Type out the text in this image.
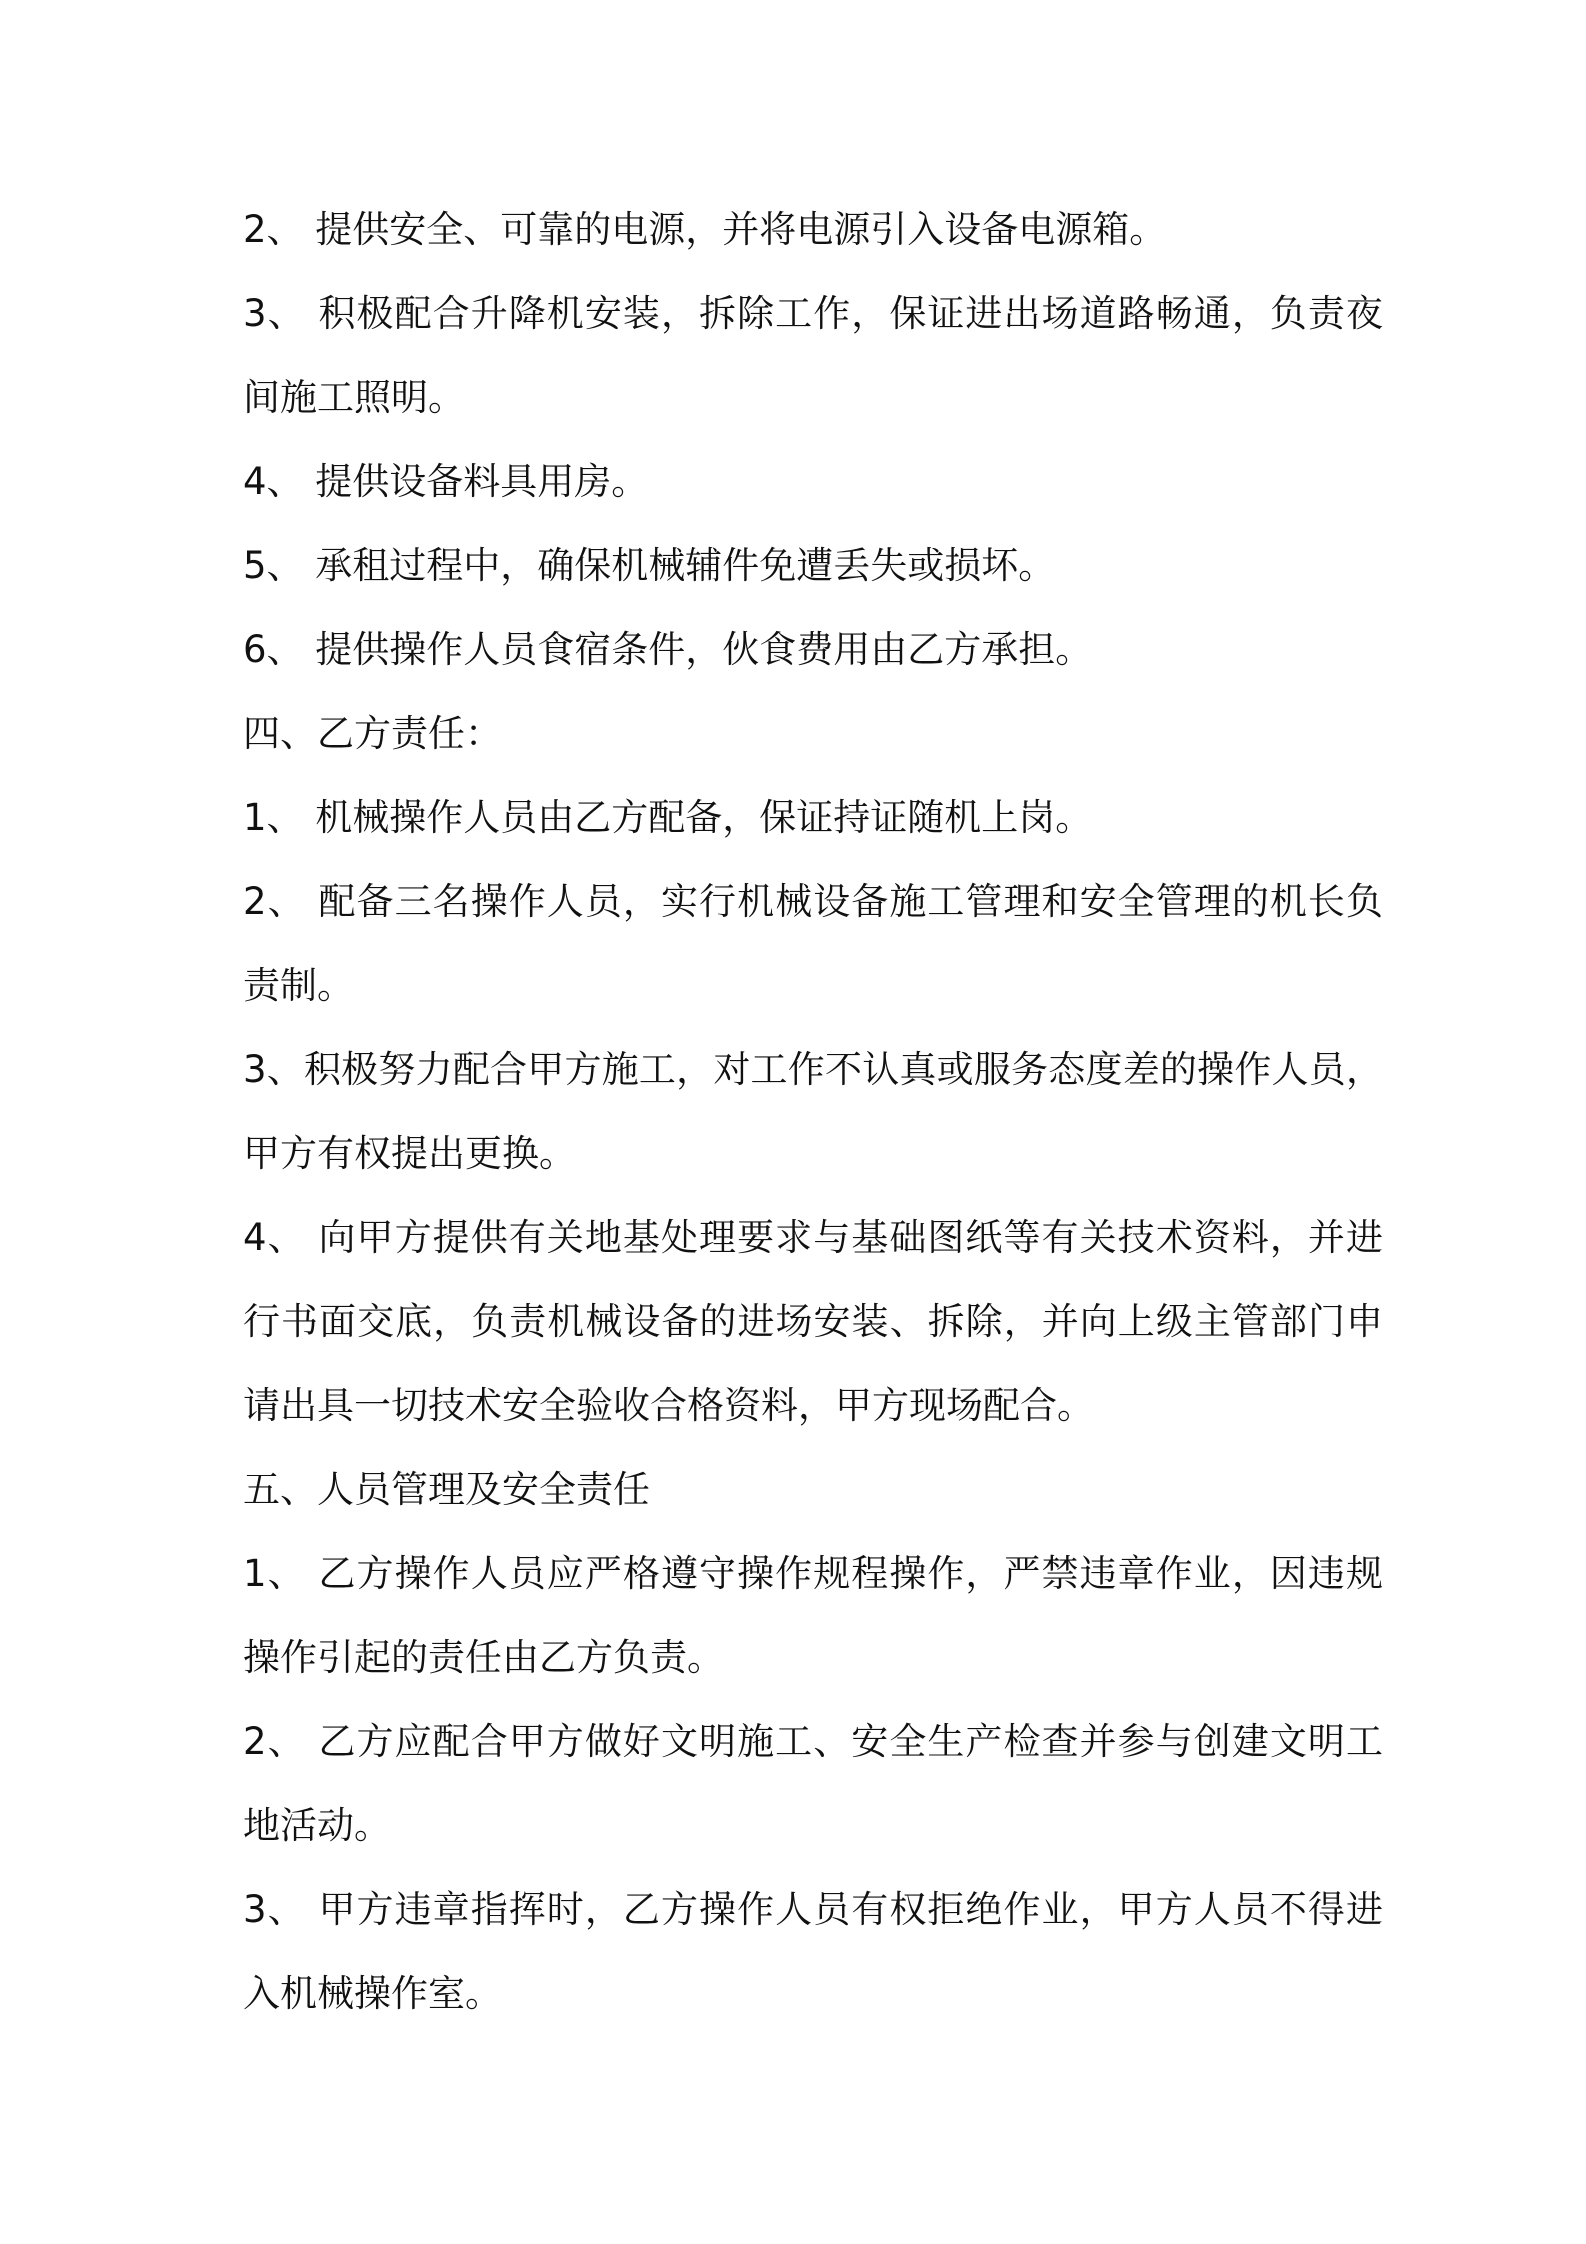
2、 提供安全、可靠的电源，并将电源引入设备电源箱。
3、 积极配合升降机安装，拆除工作，保证进出场道路畅通，负责夜
间施工照明。
4、 提供设备料具用房。
5、 承租过程中，确保机械辅件免遭丢失或损坏。
6、 提供操作人员食宿条件，伙食费用由乙方承担。
四、乙方责任：
1、 机械操作人员由乙方配备，保证持证随机上岗。
2、 配备三名操作人员，实行机械设备施工管理和安全管理的机长负
责制。
3、积极努力配合甲方施工，对工作不认真或服务态度差的操作人员，
甲方有权提出更换。
4、 向甲方提供有关地基处理要求与基础图纸等有关技术资料，并进
行书面交底，负责机械设备的进场安装、拆除，并向上级主管部门申
请出具一切技术安全验收合格资料，甲方现场配合。
五、人员管理及安全责任
1、 乙方操作人员应严格遵守操作规程操作，严禁违章作业，因违规
操作引起的责任由乙方负责。
2、 乙方应配合甲方做好文明施工、安全生产检查并参与创建文明工
地活动。
3、 甲方违章指挥时，乙方操作人员有权拒绝作业，甲方人员不得进
入机械操作室。
